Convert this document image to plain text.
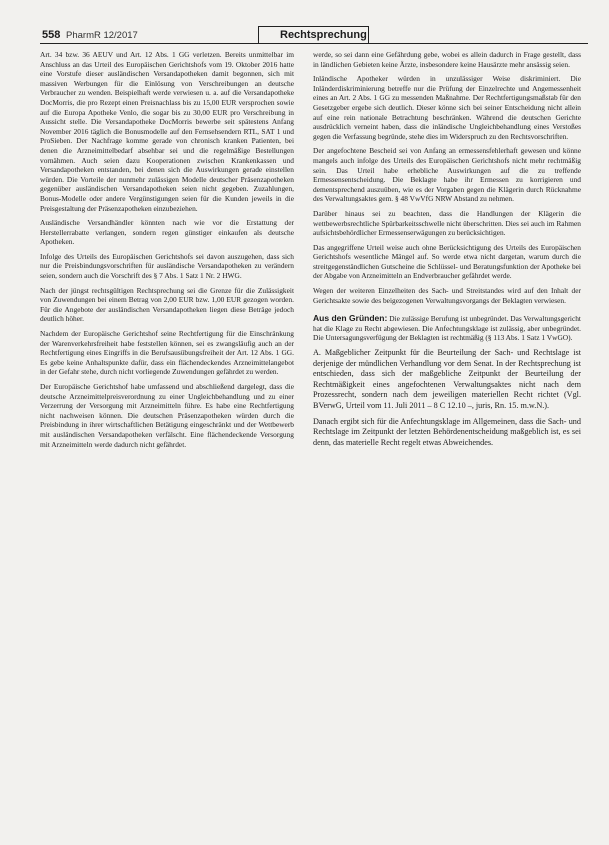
558 PharmR 12/2017	Rechtsprechung

Art. 34 bzw. 36 AEUV und Art. 12 Abs. 1 GG verletzen. Bereits unmittelbar im Anschluss an das Urteil des Europäischen Gerichtshofs vom 19. Oktober 2016 hatte eine Vorstufe dieser ausländischen Versandapotheken damit begonnen, sich mit massiven Werbungen für die Einlösung von Verschreibungen an deutsche Verbraucher zu wenden. Beispielhaft werde verwiesen u. a. auf die Versandapotheke DocMorris, die pro Rezept einen Preisnachlass bis zu 15,00 EUR versprochen sowie auf die Europa Apotheke Venlo, die sogar bis zu 30,00 EUR pro Verschreibung in Aussicht stelle. Die Versandapotheke DocMorris bewerbe seit spätestens Anfang November 2016 täglich die Bonusmodelle auf den Fernsehsendern RTL, SAT 1 und ProSieben. Der Nachfrage komme gerade von chronisch kranken Patienten, bei denen die Arzneimittelbedarf absehbar sei und die regelmäßige Bestellungen vornähmen. Auch seien dazu Kooperationen zwischen Krankenkassen und Versandapotheken entstanden, bei denen sich die Auswirkungen gerade einstellen würden. Die Vorteile der nunmehr zulässigen Modelle deutscher Präsenzapotheken gegenüber ausländischen Versandapotheken seien nicht gegeben. Zuzahlungen, Bonus-Modelle oder andere Vergünstigungen seien für die Kunden jeweils in die Preisgestaltung der Präsenzapotheken einzubeziehen.

Ausländische Versandhändler könnten nach wie vor die Erstattung der Herstellerrabatte verlangen, sondern regen günstiger einkaufen als deutsche Apotheken.

Infolge des Urteils des Europäischen Gerichtshofs sei davon auszugehen, dass sich nur die Preisbindungsvorschriften für ausländische Versandapotheken zu verändern seien, sondern auch die Vorschrift des § 7 Abs. 1 Satz 1 Nr. 2 HWG.

Nach der jüngst rechtsgültigen Rechtsprechung sei die Grenze für die Zulässigkeit von Zuwendungen bei einem Betrag von 2,00 EUR bzw. 1,00 EUR gezogen worden. Für die Angebote der ausländischen Versandapotheken liegen diese Beträge jedoch deutlich höher.

Nachdem der Europäische Gerichtshof seine Rechtfertigung für die Einschränkung der Warenverkehrsfreiheit habe feststellen können, sei es zwangsläufig auch an der Rechtfertigung eines Eingriffs in die Berufsausübungsfreiheit der Art. 12 Abs. 1 GG. Es gebe keine Anhaltspunkte dafür, dass ein flächendeckendes Arzneimittelangebot in der Gefahr stehe, durch nicht vorliegende Zuwendungen gefährdet zu werden.

Der Europäische Gerichtshof habe umfassend und abschließend dargelegt, dass die deutsche Arzneimittelpreisverordnung zu einer Ungleichbehandlung und zu einer Verzerrung der Versorgung mit Arzneimitteln führe. Es habe eine Rechtfertigung nicht nachweisen können. Die deutschen Präsenzapotheken würden durch die Preisbindung in ihrer wirtschaftlichen Betätigung eingeschränkt und der Wettbewerb mit ausländischen Versandapotheken verfälscht. Eine flächendeckende Versorgung mit Arzneimitteln werde dadurch nicht gefährdet.

werde, so sei dann eine Gefährdung gebe, wobei es allein dadurch in Frage gestellt, dass in ländlichen Gebieten keine Ärzte, insbesondere keine Hausärzte mehr ansässig seien.

Inländische Apotheker würden in unzulässiger Weise diskriminiert. Die Inländerdiskriminierung betreffe nur die Prüfung der Einzelrechte und Angemessenheit eines an Art. 2 Abs. 1 GG zu messenden Maßnahme. Der Rechtfertigungsmaßstab für den Gesetzgeber ergebe sich deutlich. Dieser könne sich bei seiner Entscheidung nicht allein auf eine rein nationale Betrachtung beschränken. Während die deutschen Gerichte ausdrücklich verneint haben, dass die inländische Ungleichbehandlung eines Verstoßes gegen die Verfassung begründe, stehe dies im Widerspruch zu den Rechtsvorschriften.

Der angefochtene Bescheid sei von Anfang an ermessensfehlerhaft gewesen und könne mangels auch infolge des Urteils des Europäischen Gerichtshofs nicht mehr rechtmäßig sein. Das Urteil habe erhebliche Auswirkungen auf die zu treffende Ermessensentscheidung. Die Beklagte habe ihr Ermessen zu korrigieren und dementsprechend auszuüben, wie es der Vorgaben gegen die Klägerin durch Rücknahme des Verwaltungsaktes gem. § 48 VwVfG NRW Abstand zu nehmen.

Darüber hinaus sei zu beachten, dass die Handlungen der Klägerin die wettbewerbsrechtliche Spürbarkeitsschwelle nicht überschritten. Dies sei auch im Rahmen aufsichtsbehördlicher Ermessenserwägungen zu berücksichtigen.

Das angegriffene Urteil weise auch ohne Berücksichtigung des Urteils des Europäischen Gerichtshofs wesentliche Mängel auf. So werde etwa nicht dargetan, warum durch die streitgegenständlichen Gutscheine die Schlüssel- und Beratungsfunktion der Apotheke bei der Abgabe von Arzneimitteln an Endverbraucher gefährdet werde.

Wegen der weiteren Einzelheiten des Sach- und Streitstandes wird auf den Inhalt der Gerichtsakte sowie des beigezogenen Verwaltungsvorgangs der Beklagten verwiesen.

Aus den Gründen: Die zulässige Berufung ist unbegründet. Das Verwaltungsgericht hat die Klage zu Recht abgewiesen. Die Anfechtungsklage ist zulässig, aber unbegründet. Die Untersagungsverfügung der Beklagten ist rechtmäßig (§ 113 Abs. 1 Satz 1 VwGO).

A. Maßgeblicher Zeitpunkt für die Beurteilung der Sach- und Rechtslage ist derjenige der mündlichen Verhandlung vor dem Senat. In der Rechtsprechung ist entschieden, dass sich der maßgebliche Zeitpunkt der Beurteilung der Rechtmäßigkeit eines angefochtenen Verwaltungsaktes nicht nach dem Prozessrecht, sondern nach dem jeweiligen materiellen Recht richtet (Vgl. BVerwG, Urteil vom 11. Juli 2011 – 8 C 12.10 –, juris, Rn. 15. m.w.N.).

Danach ergibt sich für die Anfechtungsklage im Allgemeinen, dass die Sach- und Rechtslage im Zeitpunkt der letzten Behördenentscheidung maßgeblich ist, es sei denn, das materielle Recht regelt etwas Abweichendes.
